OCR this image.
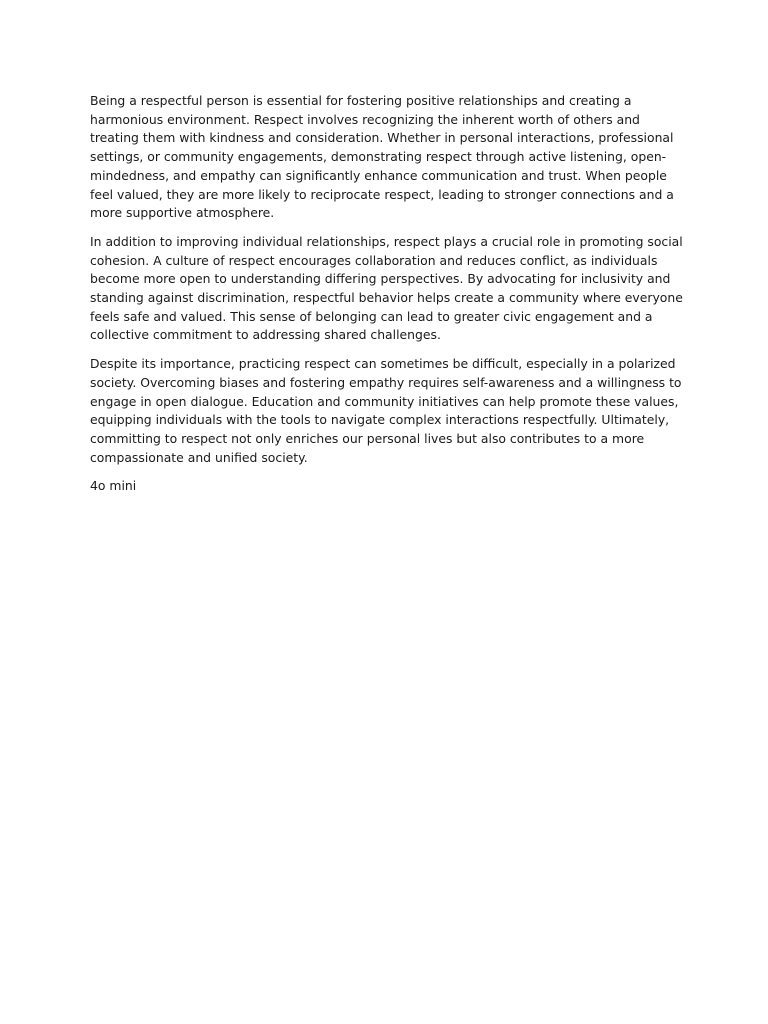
Being a respectful person is essential for fostering positive relationships and creating a harmonious environment. Respect involves recognizing the inherent worth of others and treating them with kindness and consideration. Whether in personal interactions, professional settings, or community engagements, demonstrating respect through active listening, open-mindedness, and empathy can significantly enhance communication and trust. When people feel valued, they are more likely to reciprocate respect, leading to stronger connections and a more supportive atmosphere.

In addition to improving individual relationships, respect plays a crucial role in promoting social cohesion. A culture of respect encourages collaboration and reduces conflict, as individuals become more open to understanding differing perspectives. By advocating for inclusivity and standing against discrimination, respectful behavior helps create a community where everyone feels safe and valued. This sense of belonging can lead to greater civic engagement and a collective commitment to addressing shared challenges.

Despite its importance, practicing respect can sometimes be difficult, especially in a polarized society. Overcoming biases and fostering empathy requires self-awareness and a willingness to engage in open dialogue. Education and community initiatives can help promote these values, equipping individuals with the tools to navigate complex interactions respectfully. Ultimately, committing to respect not only enriches our personal lives but also contributes to a more compassionate and unified society.

4o mini
